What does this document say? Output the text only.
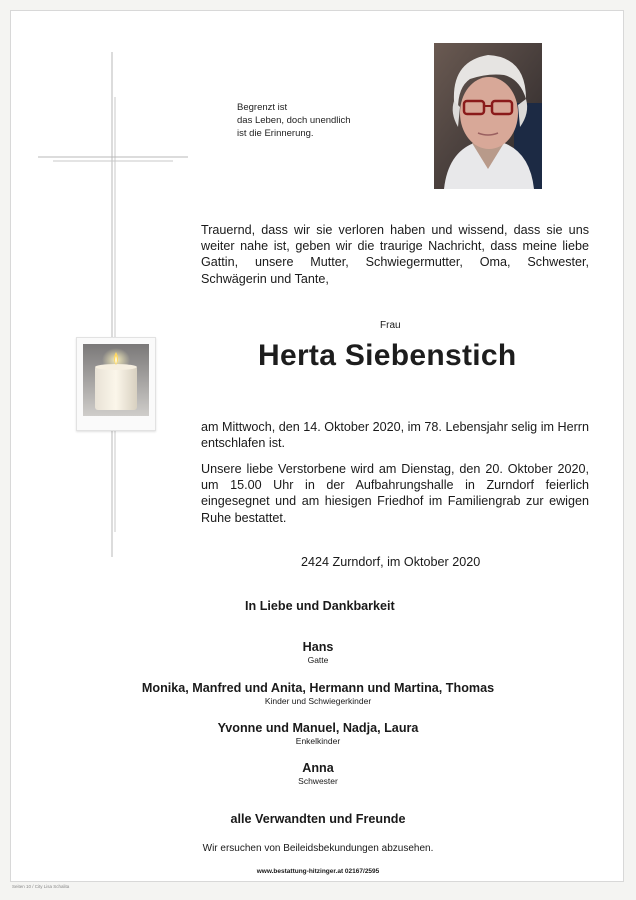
Begrenzt ist
das Leben, doch unendlich
ist die Erinnerung.

Trauernd, dass wir sie verloren haben und wissend, dass sie uns weiter nahe ist, geben wir die traurige Nachricht, dass meine liebe Gattin, unsere Mutter, Schwiegermutter, Oma, Schwester, Schwägerin und Tante,

Frau

Herta Siebenstich

am Mittwoch, den 14. Oktober 2020, im 78. Lebensjahr selig im Herrn entschlafen ist.

Unsere liebe Verstorbene wird am Dienstag, den 20. Oktober 2020, um 15.00 Uhr in der Aufbahrungshalle in Zurndorf feierlich eingesegnet und am hiesigen Friedhof im Familiengrab zur ewigen Ruhe bestattet.

2424 Zurndorf, im Oktober 2020

In Liebe und Dankbarkeit
Hans
Gatte
Monika, Manfred und Anita, Hermann und Martina, Thomas
Kinder und Schwiegerkinder
Yvonne und Manuel, Nadja, Laura
Enkelkinder
Anna
Schwester
alle Verwandten und Freunde
Wir ersuchen von Beileidsbekundungen abzusehen.
www.bestattung-hitzinger.at 02167/2595
Seiten 10 / City Lisa Schalita
